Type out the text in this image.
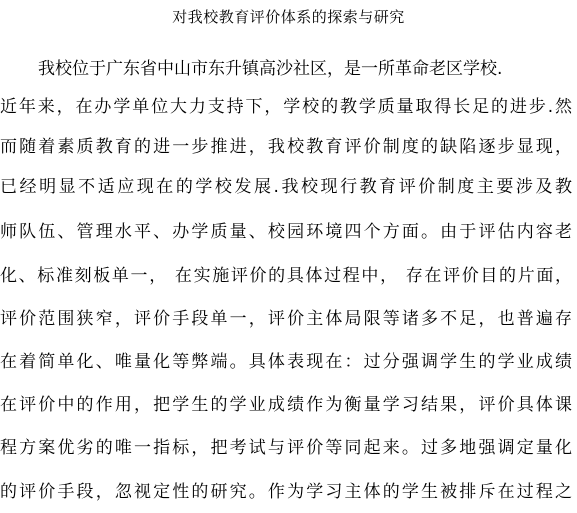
对我校教育评价体系的探索与研究
我校位于广东省中山市东升镇高沙社区，是一所革命老区学校.
近年来，在办学单位大力支持下，学校的教学质量取得长足的进步.然
而随着素质教育的进一步推进，我校教育评价制度的缺陷逐步显现，
已经明显不适应现在的学校发展.我校现行教育评价制度主要涉及教
师队伍、管理水平、办学质量、校园环境四个方面。由于评估内容老
化、标准刻板单一， 在实施评价的具体过程中， 存在评价目的片面，
评价范围狭窄，评价手段单一，评价主体局限等诸多不足，也普遍存
在着简单化、唯量化等弊端。具体表现在：过分强调学生的学业成绩
在评价中的作用，把学生的学业成绩作为衡量学习结果，评价具体课
程方案优劣的唯一指标，把考试与评价等同起来。过多地强调定量化
的评价手段，忽视定性的研究。作为学习主体的学生被排斥在过程之
